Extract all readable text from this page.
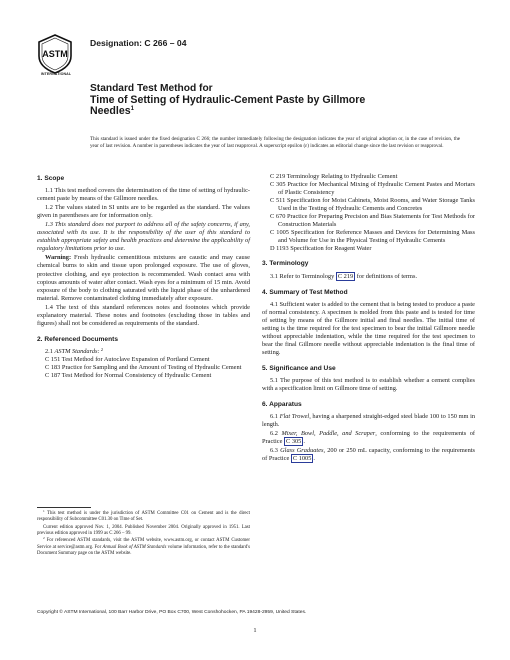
ASTM
INTERNATIONAL
Designation: C 266 – 04
Standard Test Method for
Time of Setting of Hydraulic-Cement Paste by Gillmore
Needles$^1$
This standard is issued under the fixed designation C 266; the number immediately following the designation indicates the year of original adoption or, in the case of revision, the year of last revision. A number in parentheses indicates the year of last reapproval. A superscript epsilon (ε) indicates an editorial change since the last revision or reapproval.
1. Scope
1.1 This test method covers the determination of the time of setting of hydraulic-cement paste by means of the Gillmore needles.
1.2 The values stated in SI units are to be regarded as the standard. The values given in parentheses are for information only.
1.3 This standard does not purport to address all of the safety concerns, if any, associated with its use. It is the responsibility of the user of this standard to establish appropriate safety and health practices and determine the applicability of regulatory limitations prior to use.
Warning: Fresh hydraulic cementitious mixtures are caustic and may cause chemical burns to skin and tissue upon prolonged exposure. The use of gloves, protective clothing, and eye protection is recommended. Wash contact area with copious amounts of water after contact. Wash eyes for a minimum of 15 min. Avoid exposure of the body to clothing saturated with the liquid phase of the unhardened material. Remove contaminated clothing immediately after exposure.
1.4 The text of this standard references notes and footnotes which provide explanatory material. These notes and footnotes (excluding those in tables and figures) shall not be considered as requirements of the standard.
2. Referenced Documents
2.1 ASTM Standards: $^2$
C 151 Test Method for Autoclave Expansion of Portland Cement
C 183 Practice for Sampling and the Amount of Testing of Hydraulic Cement
C 187 Test Method for Normal Consistency of Hydraulic Cement
$^1$ This test method is under the jurisdiction of ASTM Committee C01 on Cement and is the direct responsibility of Subcommittee C01.30 on Time of Set.
Current edition approved Nov. 1, 2004. Published November 2004. Originally approved in 1951. Last previous edition approved in 1999 as C 266 – 99.
$^2$ For referenced ASTM standards, visit the ASTM website, www.astm.org, or contact ASTM Customer Service at service@astm.org. For Annual Book of ASTM Standards volume information, refer to the standard's Document Summary page on the ASTM website.
C 219 Terminology Relating to Hydraulic Cement
C 305 Practice for Mechanical Mixing of Hydraulic Cement Pastes and Mortars of Plastic Consistency
C 511 Specification for Moist Cabinets, Moist Rooms, and Water Storage Tanks Used in the Testing of Hydraulic Cements and Concretes
C 670 Practice for Preparing Precision and Bias Statements for Test Methods for Construction Materials
C 1005 Specification for Reference Masses and Devices for Determining Mass and Volume for Use in the Physical Testing of Hydraulic Cements
D 1193 Specification for Reagent Water
3. Terminology
3.1 Refer to Terminology C 219 for definitions of terms.
4. Summary of Test Method
4.1 Sufficient water is added to the cement that is being tested to produce a paste of normal consistency. A specimen is molded from this paste and is tested for time of setting by means of the Gillmore initial and final needles. The initial time of setting is the time required for the test specimen to bear the initial Gillmore needle without appreciable indentation, while the time required for the test specimen to bear the final Gillmore needle without appreciable indentation is the final time of setting.
5. Significance and Use
5.1 The purpose of this test method is to establish whether a cement complies with a specification limit on Gillmore time of setting.
6. Apparatus
6.1 Flat Trowel, having a sharpened straight-edged steel blade 100 to 150 mm in length.
6.2 Mixer, Bowl, Paddle, and Scraper, conforming to the requirements of Practice C 305 .
6.3 Glass Graduates, 200 or 250 mL capacity, conforming to the requirements of Practice C 1005 .
Copyright © ASTM International, 100 Barr Harbor Drive, PO Box C700, West Conshohocken, PA 19428-2959, United States.
1
